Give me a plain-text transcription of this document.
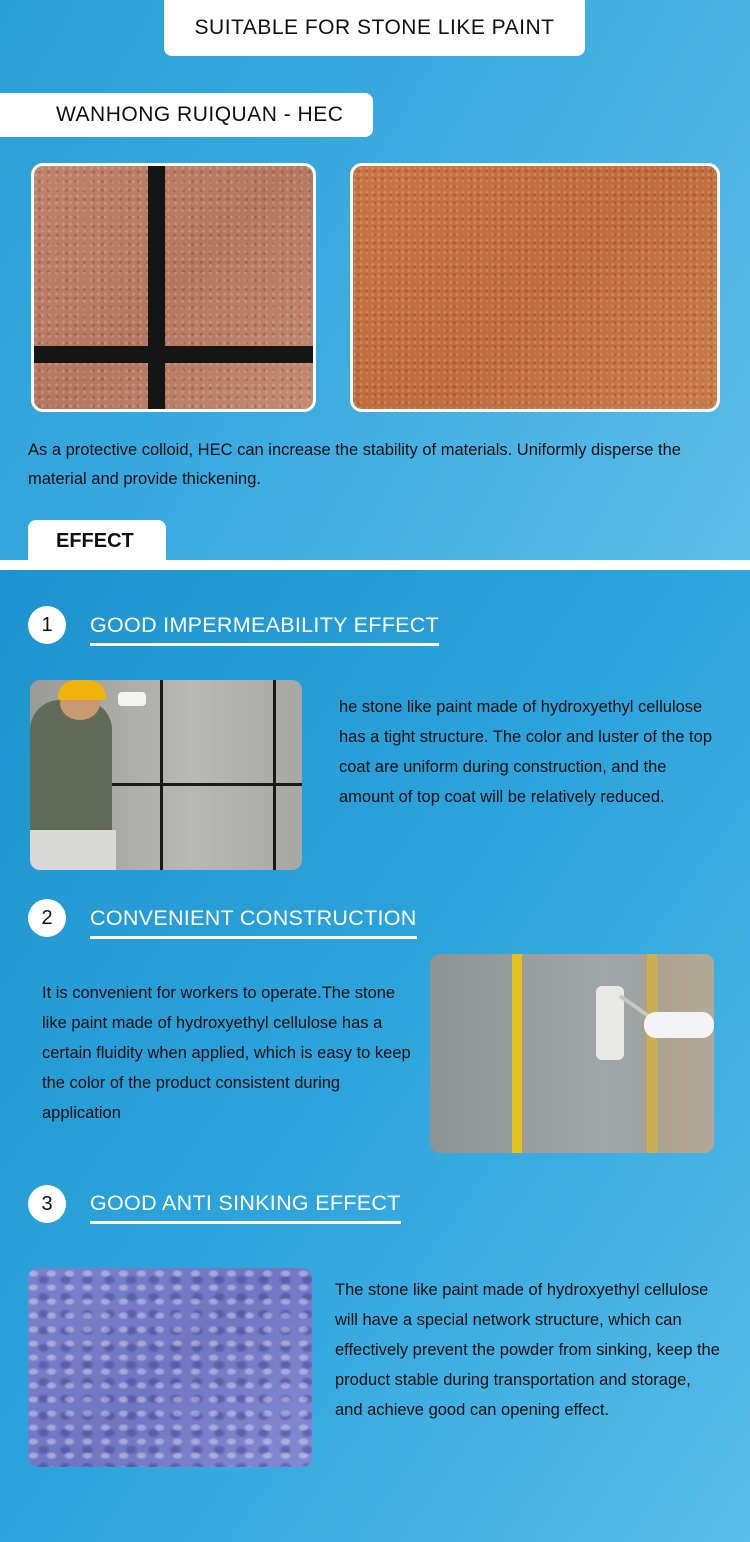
SUITABLE FOR STONE LIKE PAINT
WANHONG RUIQUAN - HEC
As a protective colloid, HEC can increase the stability of materials. Uniformly disperse the material and provide thickening.
EFFECT
1	GOOD IMPERMEABILITY EFFECT
he stone like paint made of hydroxyethyl cellulose has a tight structure. The color and luster of the top coat are uniform during construction, and the amount of top coat will be relatively reduced.
2	CONVENIENT CONSTRUCTION
It is convenient for workers to operate.The stone like paint made of hydroxyethyl cellulose has a certain fluidity when applied, which is easy to keep the color of the product consistent during application
3	GOOD ANTI SINKING EFFECT
The stone like paint made of hydroxyethyl cellulose will have a special network structure, which can effectively prevent the powder from sinking, keep the product stable during transportation and storage, and achieve good can opening effect.
